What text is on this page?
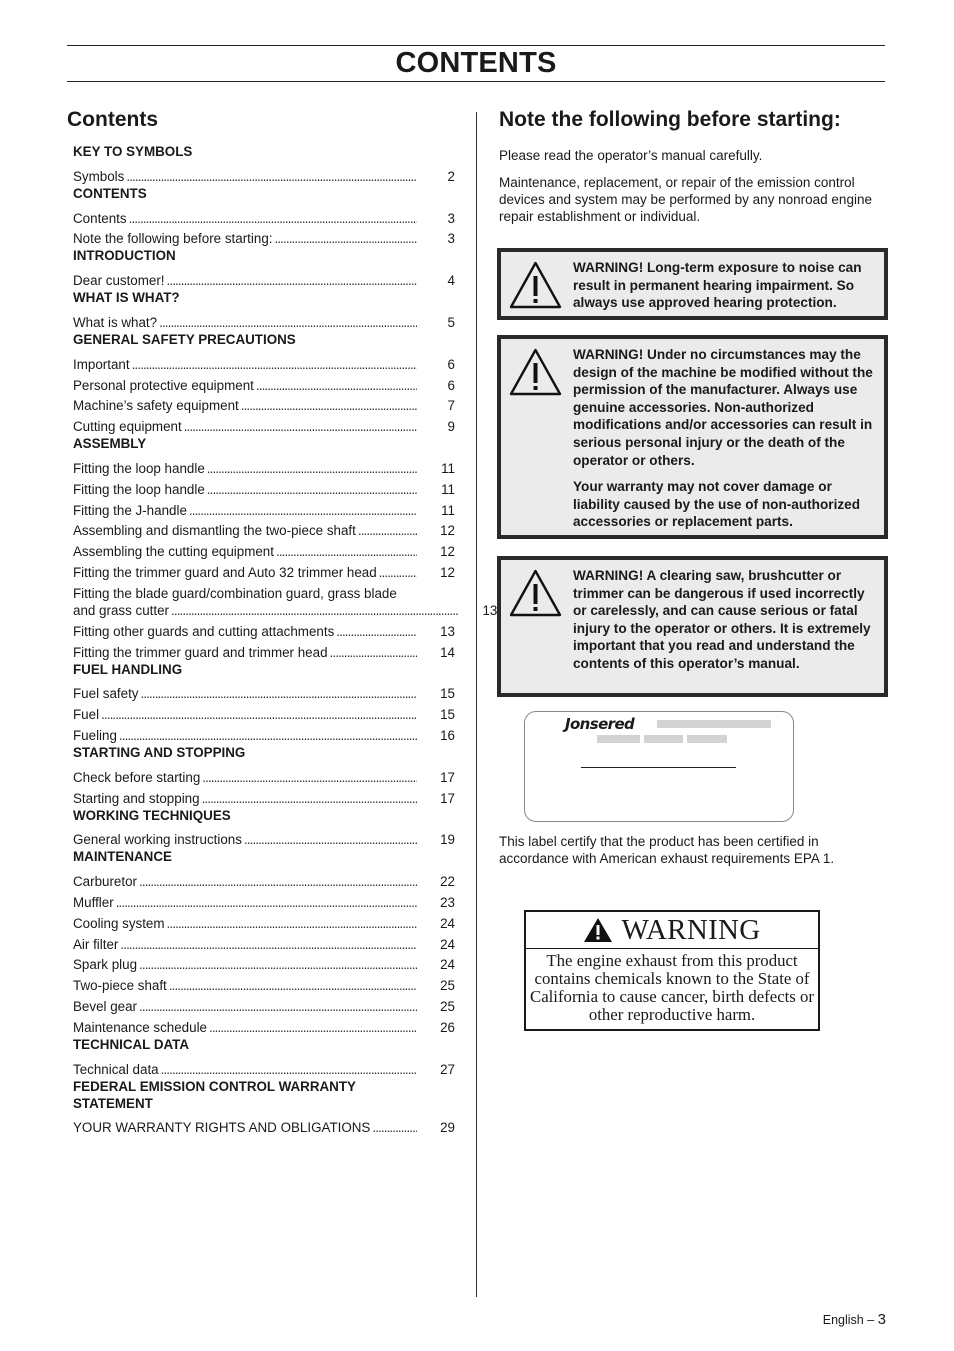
CONTENTS
Contents
KEY TO SYMBOLS
Symbols . . .	2
CONTENTS
Contents . . .	3
Note the following before starting: . . .	3
INTRODUCTION
Dear customer! . . .	4
WHAT IS WHAT?
What is what? . . .	5
GENERAL SAFETY PRECAUTIONS
Important . . .	6
Personal protective equipment . . .	6
Machine’s safety equipment . . .	7
Cutting equipment . . .	9
ASSEMBLY
Fitting the loop handle . . .	11
Fitting the loop handle . . .	11
Fitting the J-handle . . .	11
Assembling and dismantling the two-piece shaft . . .	12
Assembling the cutting equipment . . .	12
Fitting the trimmer guard and Auto 32 trimmer head . . .	12
Fitting the blade guard/combination guard, grass blade
and grass cutter . . .	13
Fitting other guards and cutting attachments . . .	13
Fitting the trimmer guard and trimmer head . . .	14
FUEL HANDLING
Fuel safety . . .	15
Fuel . . .	15
Fueling . . .	16
STARTING AND STOPPING
Check before starting . . .	17
Starting and stopping . . .	17
WORKING TECHNIQUES
General working instructions . . .	19
MAINTENANCE
Carburetor . . .	22
Muffler . . .	23
Cooling system . . .	24
Air filter . . .	24
Spark plug . . .	24
Two-piece shaft . . .	25
Bevel gear . . .	25
Maintenance schedule . . .	26
TECHNICAL DATA
Technical data . . .	27
FEDERAL EMISSION CONTROL WARRANTY
STATEMENT
YOUR WARRANTY RIGHTS AND OBLIGATIONS . . .	29
Note the following before starting:
Please read the operator’s manual carefully.
Maintenance, replacement, or repair of the emission control devices and system may be performed by any nonroad engine repair establishment or individual.
WARNING! Long-term exposure to noise can result in permanent hearing impairment. So always use approved hearing protection.

WARNING! Under no circumstances may the design of the machine be modified without the permission of the manufacturer. Always use genuine accessories. Non-authorized modifications and/or accessories can result in serious personal injury or the death of the operator or others.

Your warranty may not cover damage or liability caused by the use of non-authorized accessories or replacement parts.

WARNING! A clearing saw, brushcutter or trimmer can be dangerous if used incorrectly or carelessly, and can cause serious or fatal injury to the operator or others. It is extremely important that you read and understand the contents of this operator’s manual.
Jonsered
This label certify that the product has been certified in accordance with American exhaust requirements EPA 1.
WARNING
The engine exhaust from this product contains chemicals known to the State of California to cause cancer, birth defects or other reproductive harm.
English – 3
